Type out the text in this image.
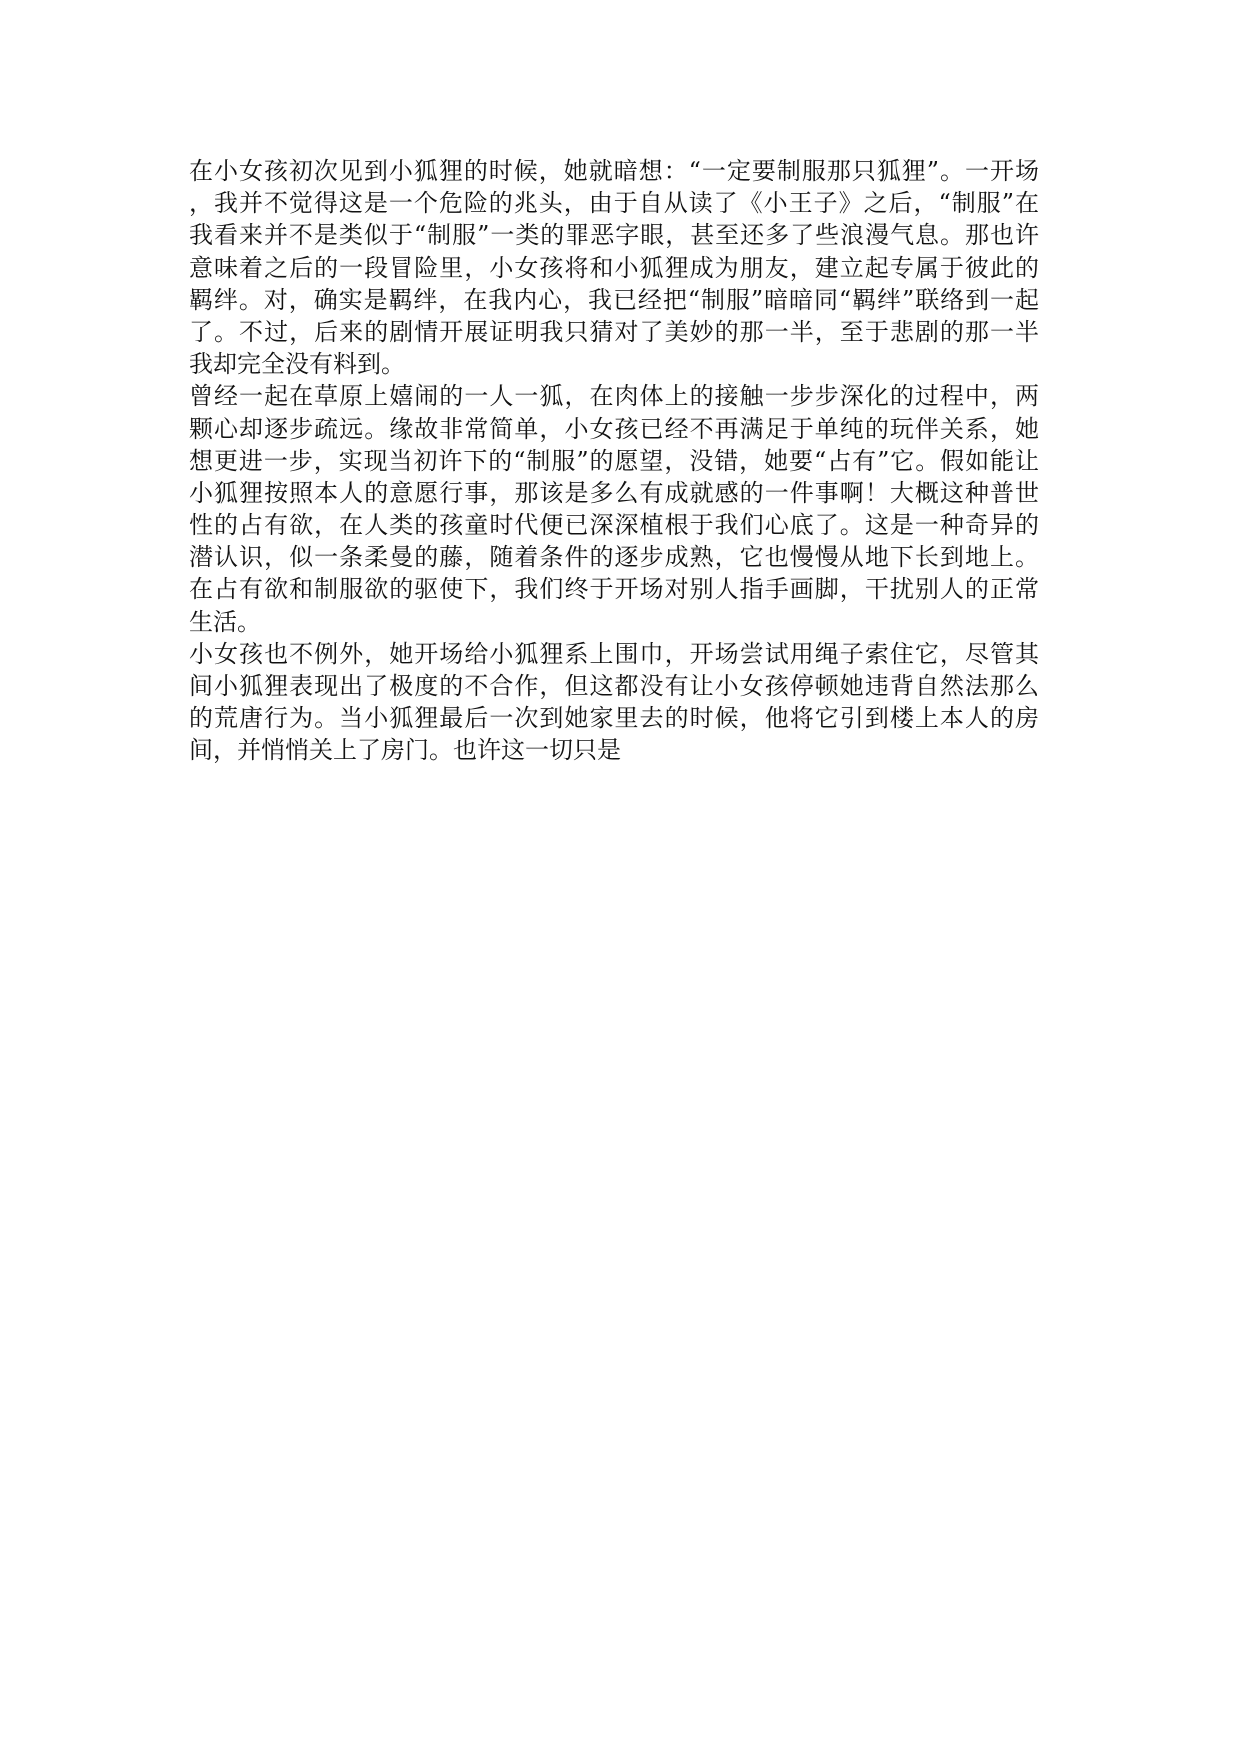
在小女孩初次见到小狐狸的时候，她就暗想：“一定要制服那只狐狸”。一开场
，我并不觉得这是一个危险的兆头，由于自从读了《小王子》之后，“制服”在
我看来并不是类似于“制服”一类的罪恶字眼，甚至还多了些浪漫气息。那也许
意味着之后的一段冒险里，小女孩将和小狐狸成为朋友，建立起专属于彼此的
羁绊。对，确实是羁绊，在我内心，我已经把“制服”暗暗同“羁绊”联络到一起
了。不过，后来的剧情开展证明我只猜对了美妙的那一半，至于悲剧的那一半
我却完全没有料到。
曾经一起在草原上嬉闹的一人一狐，在肉体上的接触一步步深化的过程中，两
颗心却逐步疏远。缘故非常简单，小女孩已经不再满足于单纯的玩伴关系，她
想更进一步，实现当初许下的“制服”的愿望，没错，她要“占有”它。假如能让
小狐狸按照本人的意愿行事，那该是多么有成就感的一件事啊！大概这种普世
性的占有欲，在人类的孩童时代便已深深植根于我们心底了。这是一种奇异的
潜认识，似一条柔曼的藤，随着条件的逐步成熟，它也慢慢从地下长到地上。
在占有欲和制服欲的驱使下，我们终于开场对别人指手画脚，干扰别人的正常
生活。
小女孩也不例外，她开场给小狐狸系上围巾，开场尝试用绳子索住它，尽管其
间小狐狸表现出了极度的不合作，但这都没有让小女孩停顿她违背自然法那么
的荒唐行为。当小狐狸最后一次到她家里去的时候，他将它引到楼上本人的房
间，并悄悄关上了房门。也许这一切只是
